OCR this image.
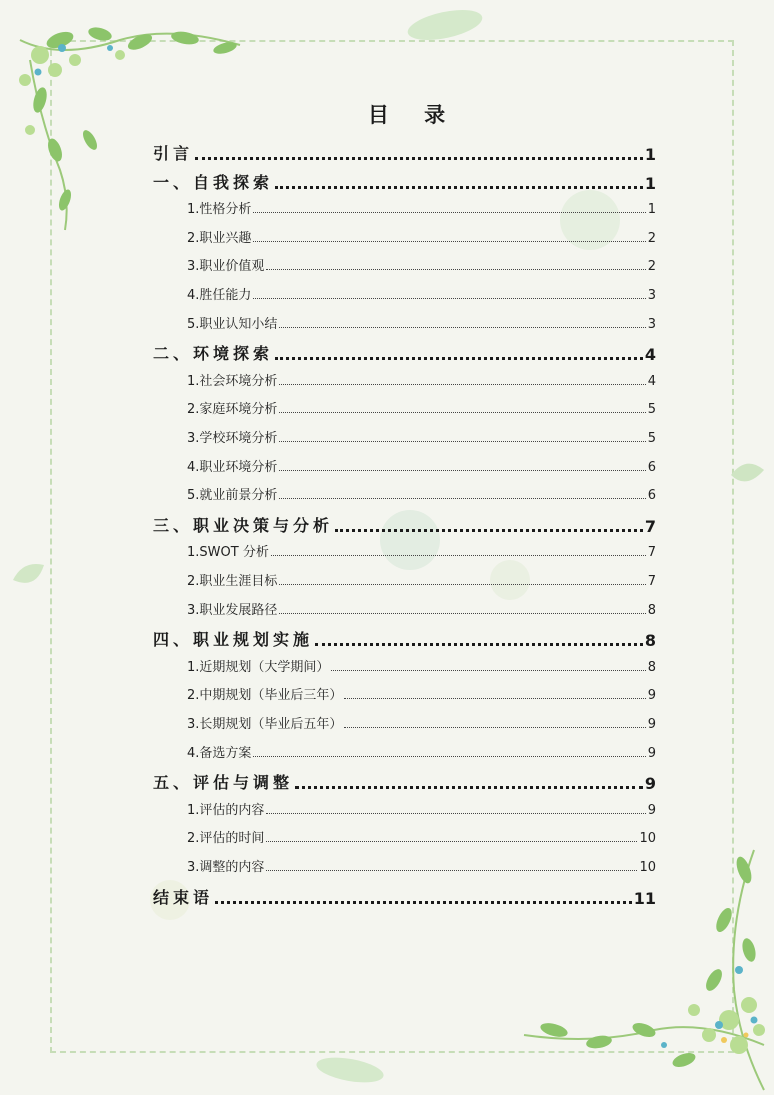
目 录
引言	1
一、自我探索	1
1.性格分析	1
2.职业兴趣	2
3.职业价值观	2
4.胜任能力	3
5.职业认知小结	3
二、环境探索	4
1.社会环境分析	4
2.家庭环境分析	5
3.学校环境分析	5
4.职业环境分析	6
5.就业前景分析	6
三、职业决策与分析	7
1.SWOT 分析	7
2.职业生涯目标	7
3.职业发展路径	8
四、职业规划实施	8
1.近期规划（大学期间）	8
2.中期规划（毕业后三年）	9
3.长期规划（毕业后五年）	9
4.备选方案	9
五、评估与调整	9
1.评估的内容	9
2.评估的时间	10
3.调整的内容	10
结束语	11
